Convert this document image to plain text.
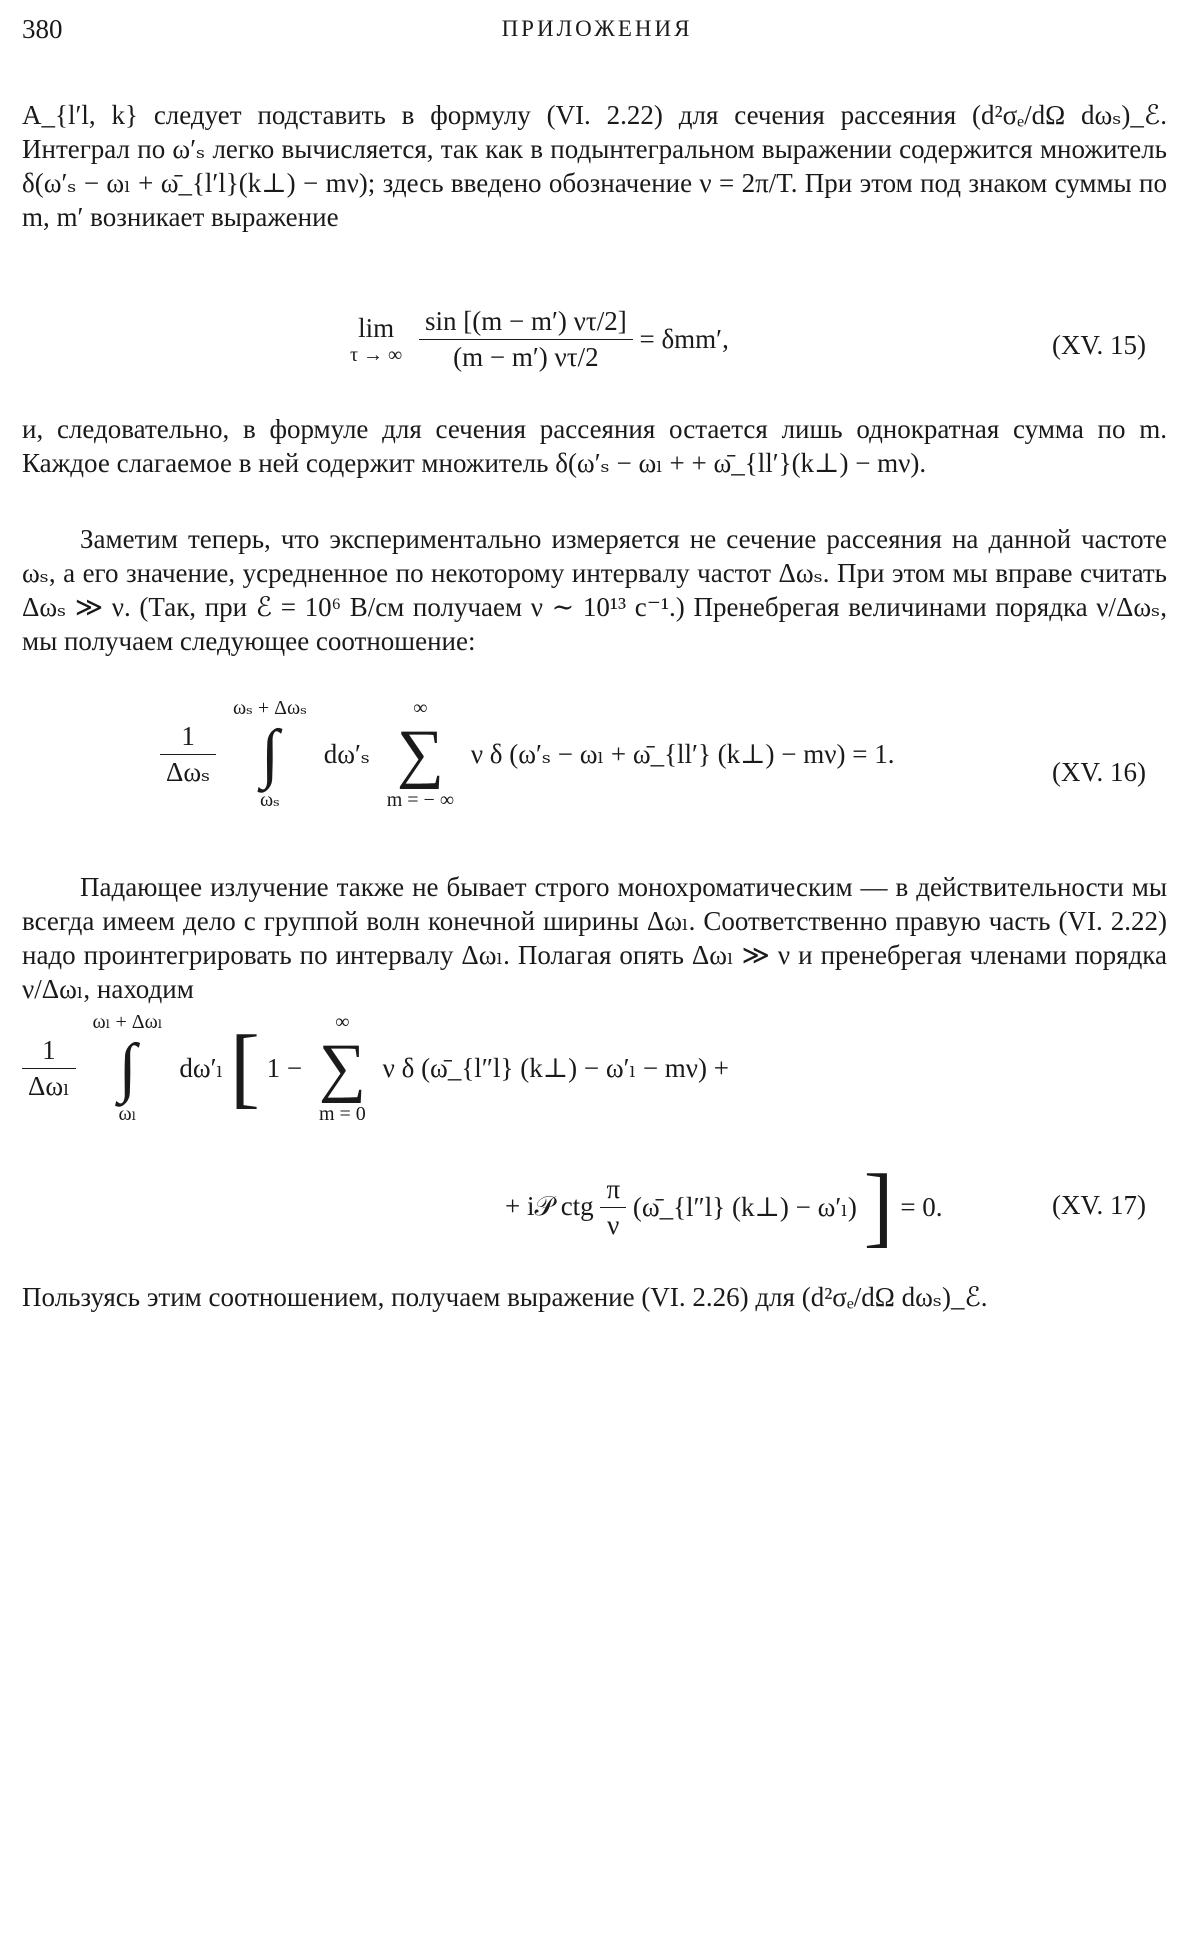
380	ПРИЛОЖЕНИЯ

A_{l′l, k} следует подставить в формулу (VI. 2.22) для сечения рассеяния (d²σₑ/dΩ dωₛ)_ℰ. Интеграл по ω′ₛ легко вычисляется, так как в подынтегральном выражении содержится множитель δ(ω′ₛ − ωₗ + ω̄_{l′l}(k⊥) − mν); здесь введено обозначение ν = 2π/T. При этом под знаком суммы по m, m′ возникает выражение

lim
τ → ∞
$\frac{\sin [(m - m') \nu\tau/2]}{(m - m') \nu\tau/2} = \delta mm'$,	(XV. 15)

и, следовательно, в формуле для сечения рассеяния остается лишь однократная сумма по m. Каждое слагаемое в ней содержит множитель δ(ω′ₛ − ωₗ + + ω̄_{ll′}(k⊥) − mν).

Заметим теперь, что экспериментально измеряется не сечение рассеяния на данной частоте ωₛ, а его значение, усредненное по некоторому интервалу частот Δωₛ. При этом мы вправе считать Δωₛ ≫ ν. (Так, при ℰ = 10⁶ В/см получаем ν ∼ 10¹³ с⁻¹.) Пренебрегая величинами порядка ν/Δωₛ, мы получаем следующее соотношение:

$\frac{1}{\text{Δωₛ}}$

ωₛ + Δωₛ
∫
ωₛ
dω′ₛ
∞
∑
m = − ∞
ν δ (ω′ₛ − ωₗ + ω̄_{ll′} (k⊥) − mν) = 1.
(XV. 16)

Падающее излучение также не бывает строго монохроматическим — в действительности мы всегда имеем дело с группой волн конечной ширины Δωₗ. Соответственно правую часть (VI. 2.22) надо проинтегрировать по интервалу Δωₗ. Полагая опять Δωₗ ≫ ν и пренебрегая членами порядка ν/Δωₗ, находим

$\frac{1}{\text{Δωₗ}}$

ωₗ + Δωₗ
∫
ωₗ
dω′ₗ [ 1 −
∞
∑
m = 0
ν δ (ω̄_{l″l} (k⊥) − ω′ₗ − mν) +
+ i𝒫 ctg $\frac{\pi}{\nu}$ (ω̄_{l″l} (k⊥) − ω′ₗ) ] = 0.	(XV. 17)

Пользуясь этим соотношением, получаем выражение (VI. 2.26) для (d²σₑ/dΩ dωₛ)_ℰ.
